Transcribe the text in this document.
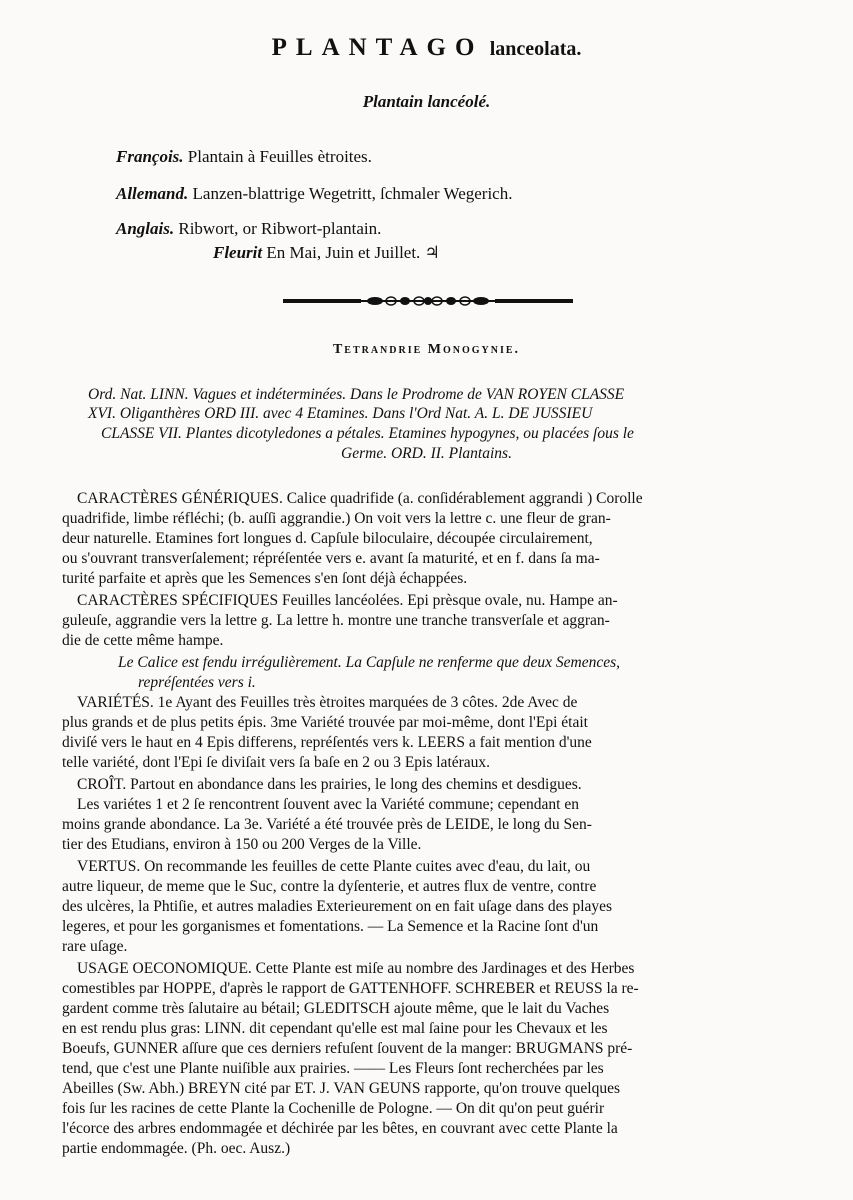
PLANTAGO lanceolata.
Plantain lancéolé.
François. Plantain à Feuilles ètroites.
Allemand. Lanzen-blattrige Wegetritt, ſchmaler Wegerich.
Anglais. Ribwort, or Ribwort-plantain.
Fleurit En Mai, Juin et Juillet. ♃
Tetrandrie Monogynie.
Ord. Nat. LINN. Vagues et indéterminées. Dans le Prodrome de VAN ROYEN CLASSE
XVI. Oliganthères ORD III. avec 4 Etamines. Dans l'Ord Nat. A. L. DE JUSSIEU
CLASSE VII. Plantes dicotyledones a pétales. Etamines hypogynes, ou placées ſous le
Germe. ORD. II. Plantains.
CARACTÈRES GÉNÉRIQUES. Calice quadrifide (a. conſidérablement aggrandi ) Corolle
quadrifide, limbe réfléchi; (b. auſſi aggrandie.) On voit vers la lettre c. une fleur de gran-
deur naturelle. Etamines fort longues d. Capſule biloculaire, découpée circulairement,
ou s'ouvrant transverſalement; répréſentée vers e. avant ſa maturité, et en f. dans ſa ma-
turité parfaite et après que les Semences s'en ſont déjà échappées.
CARACTÈRES SPÉCIFIQUES Feuilles lancéolées. Epi prèsque ovale, nu. Hampe an-
guleuſe, aggrandie vers la lettre g. La lettre h. montre une tranche transverſale et aggran-
die de cette même hampe.
Le Calice est fendu irrégulièrement. La Capſule ne renferme que deux Semences,
repréſentées vers i.
VARIÉTÉS. 1e Ayant des Feuilles très ètroites marquées de 3 côtes. 2de Avec de
plus grands et de plus petits épis. 3me Variété trouvée par moi-même, dont l'Epi était
diviſé vers le haut en 4 Epis differens, repréſentés vers k. LEERS a fait mention d'une
telle variété, dont l'Epi ſe diviſait vers ſa baſe en 2 ou 3 Epis latéraux.
CROÎT. Partout en abondance dans les prairies, le long des chemins et desdigues.
Les variétes 1 et 2 ſe rencontrent ſouvent avec la Variété commune; cependant en
moins grande abondance. La 3e. Variété a été trouvée près de LEIDE, le long du Sen-
tier des Etudians, environ à 150 ou 200 Verges de la Ville.
VERTUS. On recommande les feuilles de cette Plante cuites avec d'eau, du lait, ou
autre liqueur, de meme que le Suc, contre la dyſenterie, et autres flux de ventre, contre
des ulcères, la Phtiſie, et autres maladies Exterieurement on en fait uſage dans des playes
legeres, et pour les gorganismes et fomentations. — La Semence et la Racine ſont d'un
rare uſage.
USAGE OECONOMIQUE. Cette Plante est miſe au nombre des Jardinages et des Herbes
comestibles par HOPPE, d'après le rapport de GATTENHOFF. SCHREBER et REUSS la re-
gardent comme très ſalutaire au bétail; GLEDITSCH ajoute même, que le lait du Vaches
en est rendu plus gras: LINN. dit cependant qu'elle est mal ſaine pour les Chevaux et les
Boeufs, GUNNER aſſure que ces derniers refuſent ſouvent de la manger: BRUGMANS pré-
tend, que c'est une Plante nuiſible aux prairies. —— Les Fleurs ſont recherchées par les
Abeilles (Sw. Abh.) BREYN cité par ET. J. VAN GEUNS rapporte, qu'on trouve quelques
fois ſur les racines de cette Plante la Cochenille de Pologne. — On dit qu'on peut guérir
l'écorce des arbres endommagée et déchirée par les bêtes, en couvrant avec cette Plante la
partie endommagée. (Ph. oec. Ausz.)
